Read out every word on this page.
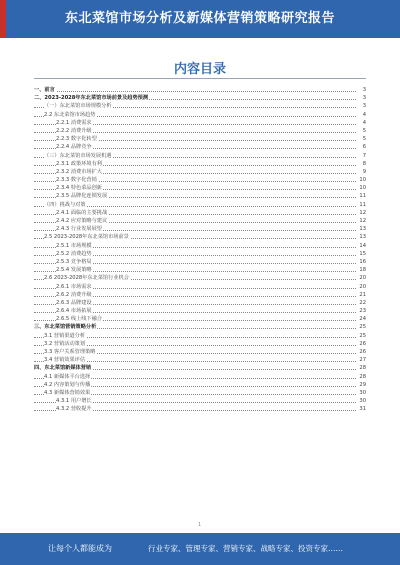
东北菜馆市场分析及新媒体营销策略研究报告
内容目录
一、前言	3
二、2023-2028年东北菜馆市场前景及趋势预测	3
（一）东北菜馆市场规模分析	3
2.2 东北菜馆市场趋势	4
2.2.1 消费需求	4
2.2.2 消费升级	5
2.2.3 数字化转型	5
2.2.4 品牌竞争	6
（三）东北菜馆市场发展机遇	7
2.3.1 政策环境有利	8
2.3.2 消费市场扩大	9
2.3.3 数字化营销	10
2.3.4 特色菜品创新	10
2.3.5 品牌化连锁发展	11
（四）挑战与对策	11
2.4.1 面临的主要挑战	12
2.4.2 应对策略与建议	12
2.4.3 行业发展展望	13
2.5 2023-2028年东北菜馆市场前景	13
2.5.1 市场规模	14
2.5.2 消费趋势	15
2.5.3 竞争格局	16
2.5.4 发展策略	18
2.6 2023-2028年东北菜馆行业机会	20
2.6.1 市场需求	20
2.6.2 消费升级	21
2.6.3 品牌建设	22
2.6.4 市场拓展	23
2.6.5 线上线下融合	24
三、东北菜馆营销策略分析	25
3.1 营销渠道分析	25
3.2 营销活动策划	26
3.3 客户关系管理策略	26
3.4 营销效果评估	27
四、东北菜馆新媒体营销	28
4.1 新媒体平台选择	28
4.2 内容策划与传播	29
4.3 新媒体营销效果	30
4.3.1 用户增长	30
4.3.2 营收提升	31
1
让每个人都能成为	行业专家、管理专家、营销专家、战略专家、投资专家……
